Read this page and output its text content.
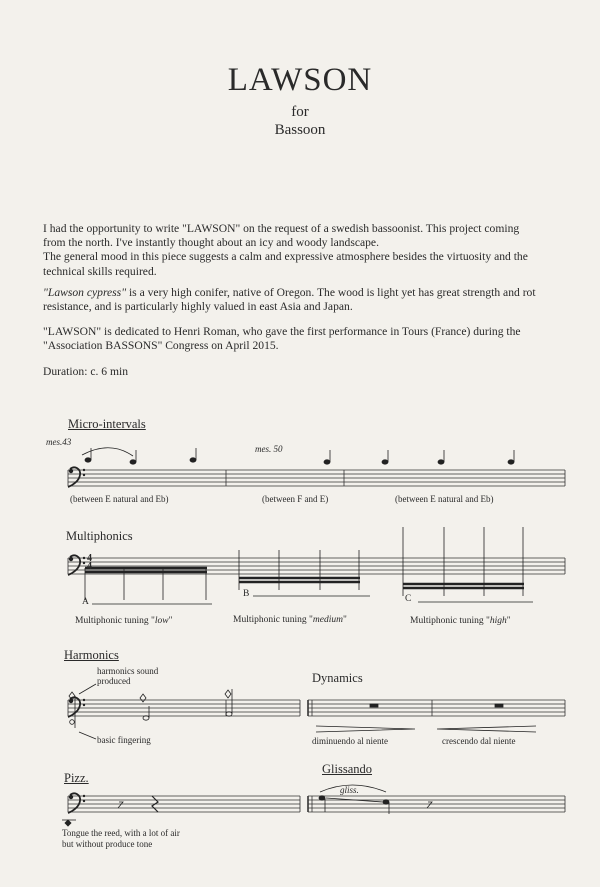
LAWSON
for
Bassoon
I had the opportunity to write "LAWSON" on the request of a swedish bassoonist. This project coming
from the north. I've instantly thought about an icy and woody landscape.
The general mood in this piece suggests a calm and expressive atmosphere besides the virtuosity and the
technical skills required.
"Lawson cypress" is a very high conifer, native of Oregon. The wood is light yet has great strength and rot
resistance, and is particularly highly valued in east Asia and Japan.
"LAWSON" is dedicated to Henri Roman, who gave the first performance in Tours (France) during the
"Association BASSONS" Congress on April 2015.
Duration: c. 6 min
Micro-intervals
mes.43
mes. 50
(between E natural and Eb)	(between F and E)	(between E natural and Eb)
Multiphonics
4
4
A
B	C
Multiphonic tuning "low"	Multiphonic tuning "medium"	Multiphonic tuning "high"
Harmonics
harmonics sound
produced
basic fingering
Dynamics
diminuendo al niente	crescendo dal niente
Pizz.
Tongue the reed, with a lot of air
but without produce tone
Glissando
gliss.
